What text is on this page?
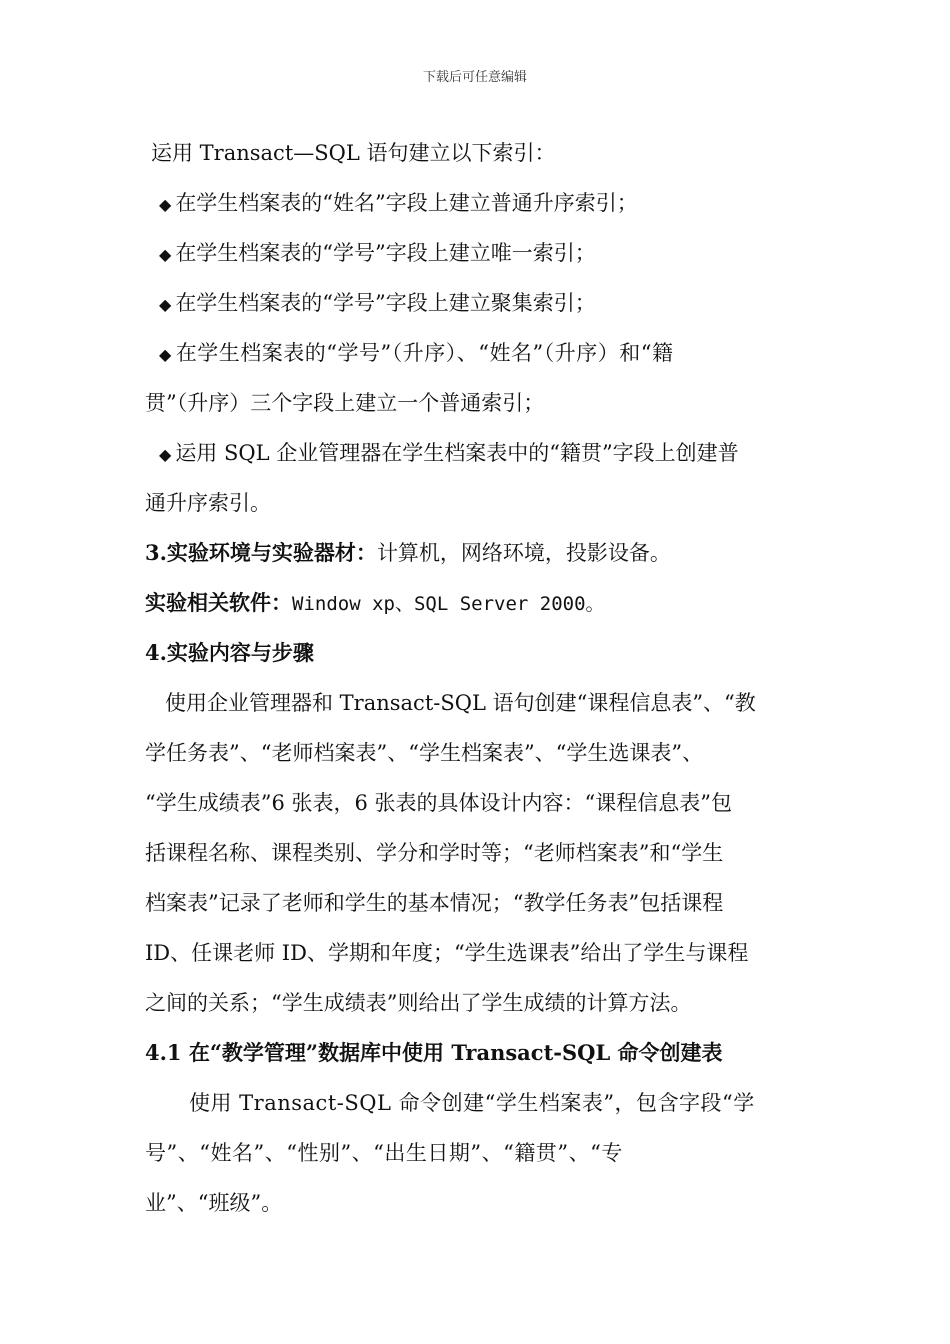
下载后可任意编辑
运用 Transact—SQL 语句建立以下索引：
◆ 在学生档案表的“姓名”字段上建立普通升序索引；
◆ 在学生档案表的“学号”字段上建立唯一索引；
◆ 在学生档案表的“学号”字段上建立聚集索引；
◆ 在学生档案表的“学号”（升序）、“姓名”（升序）和“籍
贯”（升序）三个字段上建立一个普通索引；
◆ 运用 SQL 企业管理器在学生档案表中的“籍贯”字段上创建普
通升序索引。
3.实验环境与实验器材：计算机，网络环境，投影设备。
实验相关软件：Window xp、SQL Server 2000。
4.实验内容与步骤
使用企业管理器和 Transact-SQL 语句创建“课程信息表”、“教
学任务表”、“老师档案表”、“学生档案表”、“学生选课表”、
“学生成绩表”6 张表，6 张表的具体设计内容：“课程信息表”包
括课程名称、课程类别、学分和学时等；“老师档案表”和“学生
档案表”记录了老师和学生的基本情况；“教学任务表”包括课程
ID、任课老师 ID、学期和年度；“学生选课表”给出了学生与课程
之间的关系；“学生成绩表”则给出了学生成绩的计算方法。
4.1 在“教学管理”数据库中使用 Transact-SQL 命令创建表
使用 Transact-SQL 命令创建“学生档案表”，包含字段“学
号”、“姓名”、“性别”、“出生日期”、“籍贯”、“专
业”、“班级”。
